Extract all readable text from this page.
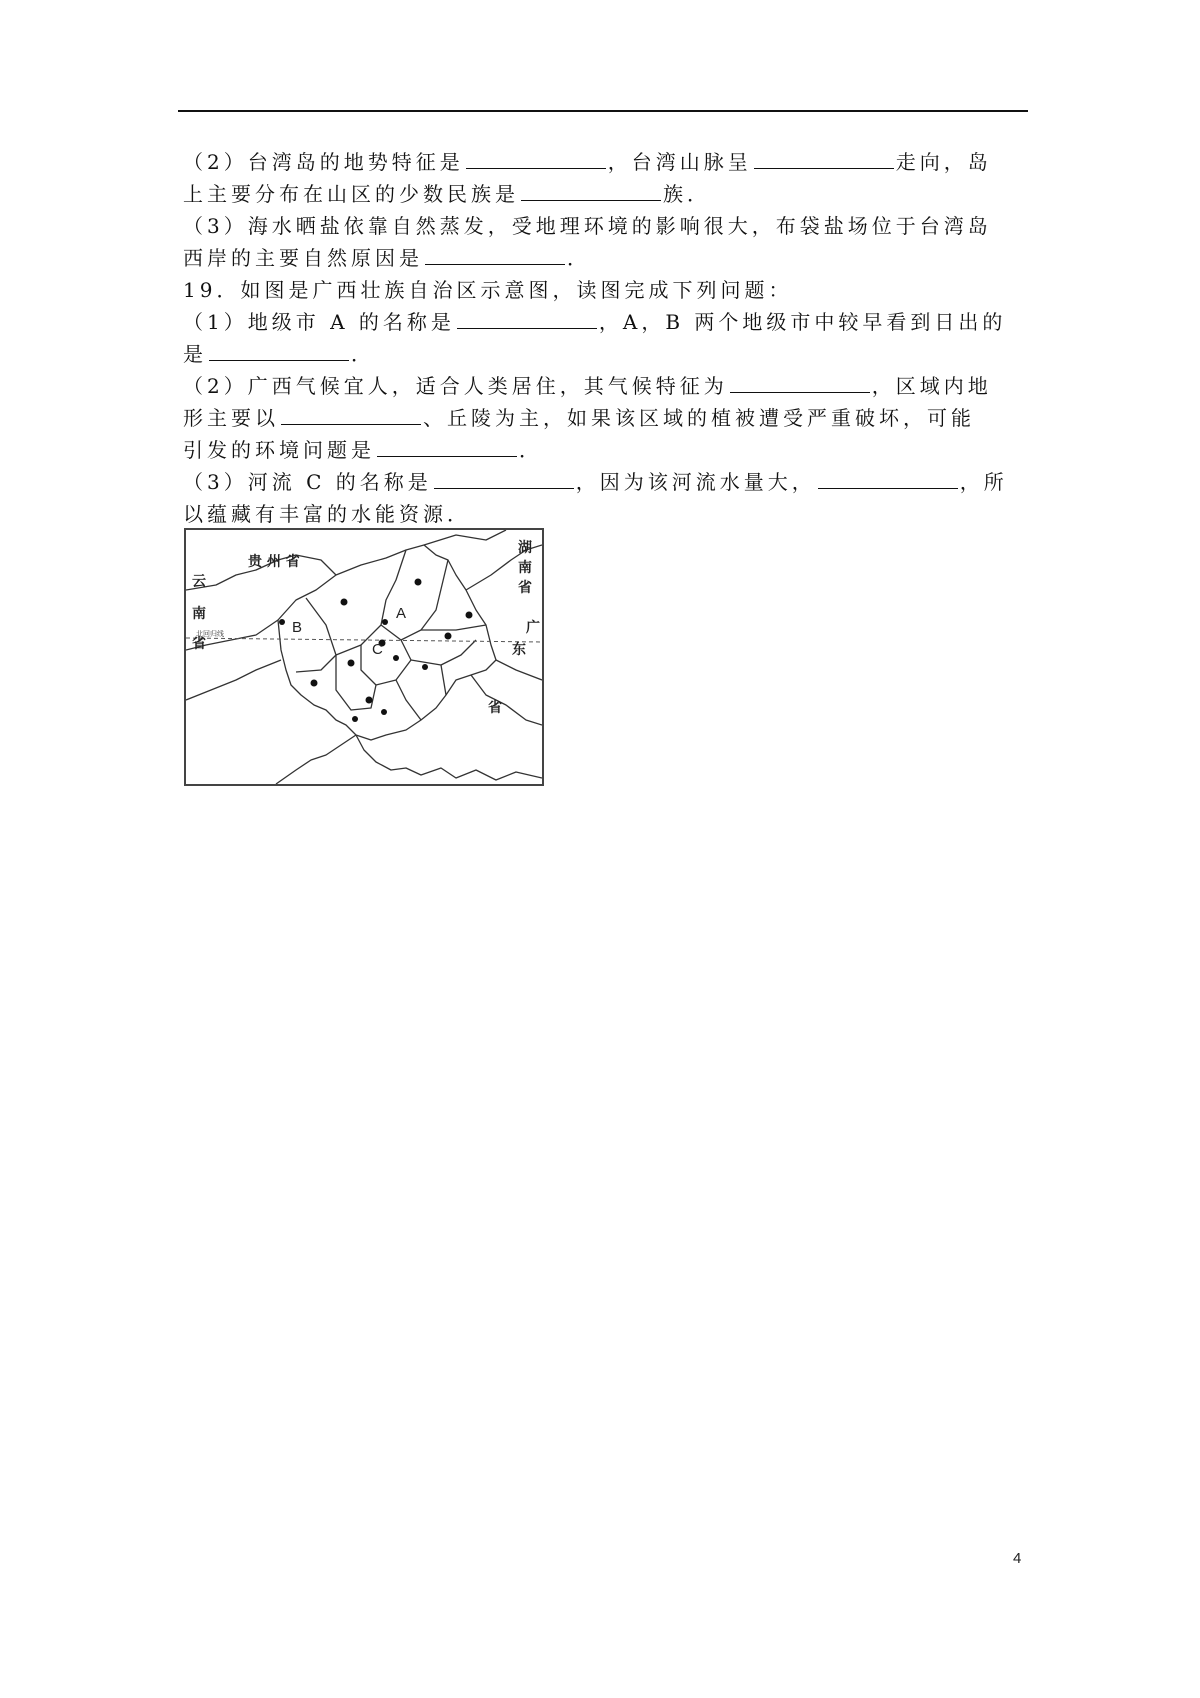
（2）台湾岛的地势特征是	，台湾山脉呈	走向，岛
上主要分布在山区的少数民族是	族．
（3）海水晒盐依靠自然蒸发，受地理环境的影响很大，布袋盐场位于台湾岛
西岸的主要自然原因是	．
19．如图是广西壮族自治区示意图，读图完成下列问题：
（1）地级市 A 的名称是	，A，B 两个地级市中较早看到日出的
是	．
（2）广西气候宜人，适合人类居住，其气候特征为	，区域内地
形主要以	、丘陵为主，如果该区域的植被遭受严重破坏，可能
引发的环境问题是	．
（3）河流 C 的名称是	，因为该河流水量大，	，所
以蕴藏有丰富的水能资源．
贵 州 省
云
南
省
湖
南
省
广
东
省
北回归线
A
B
C
4
